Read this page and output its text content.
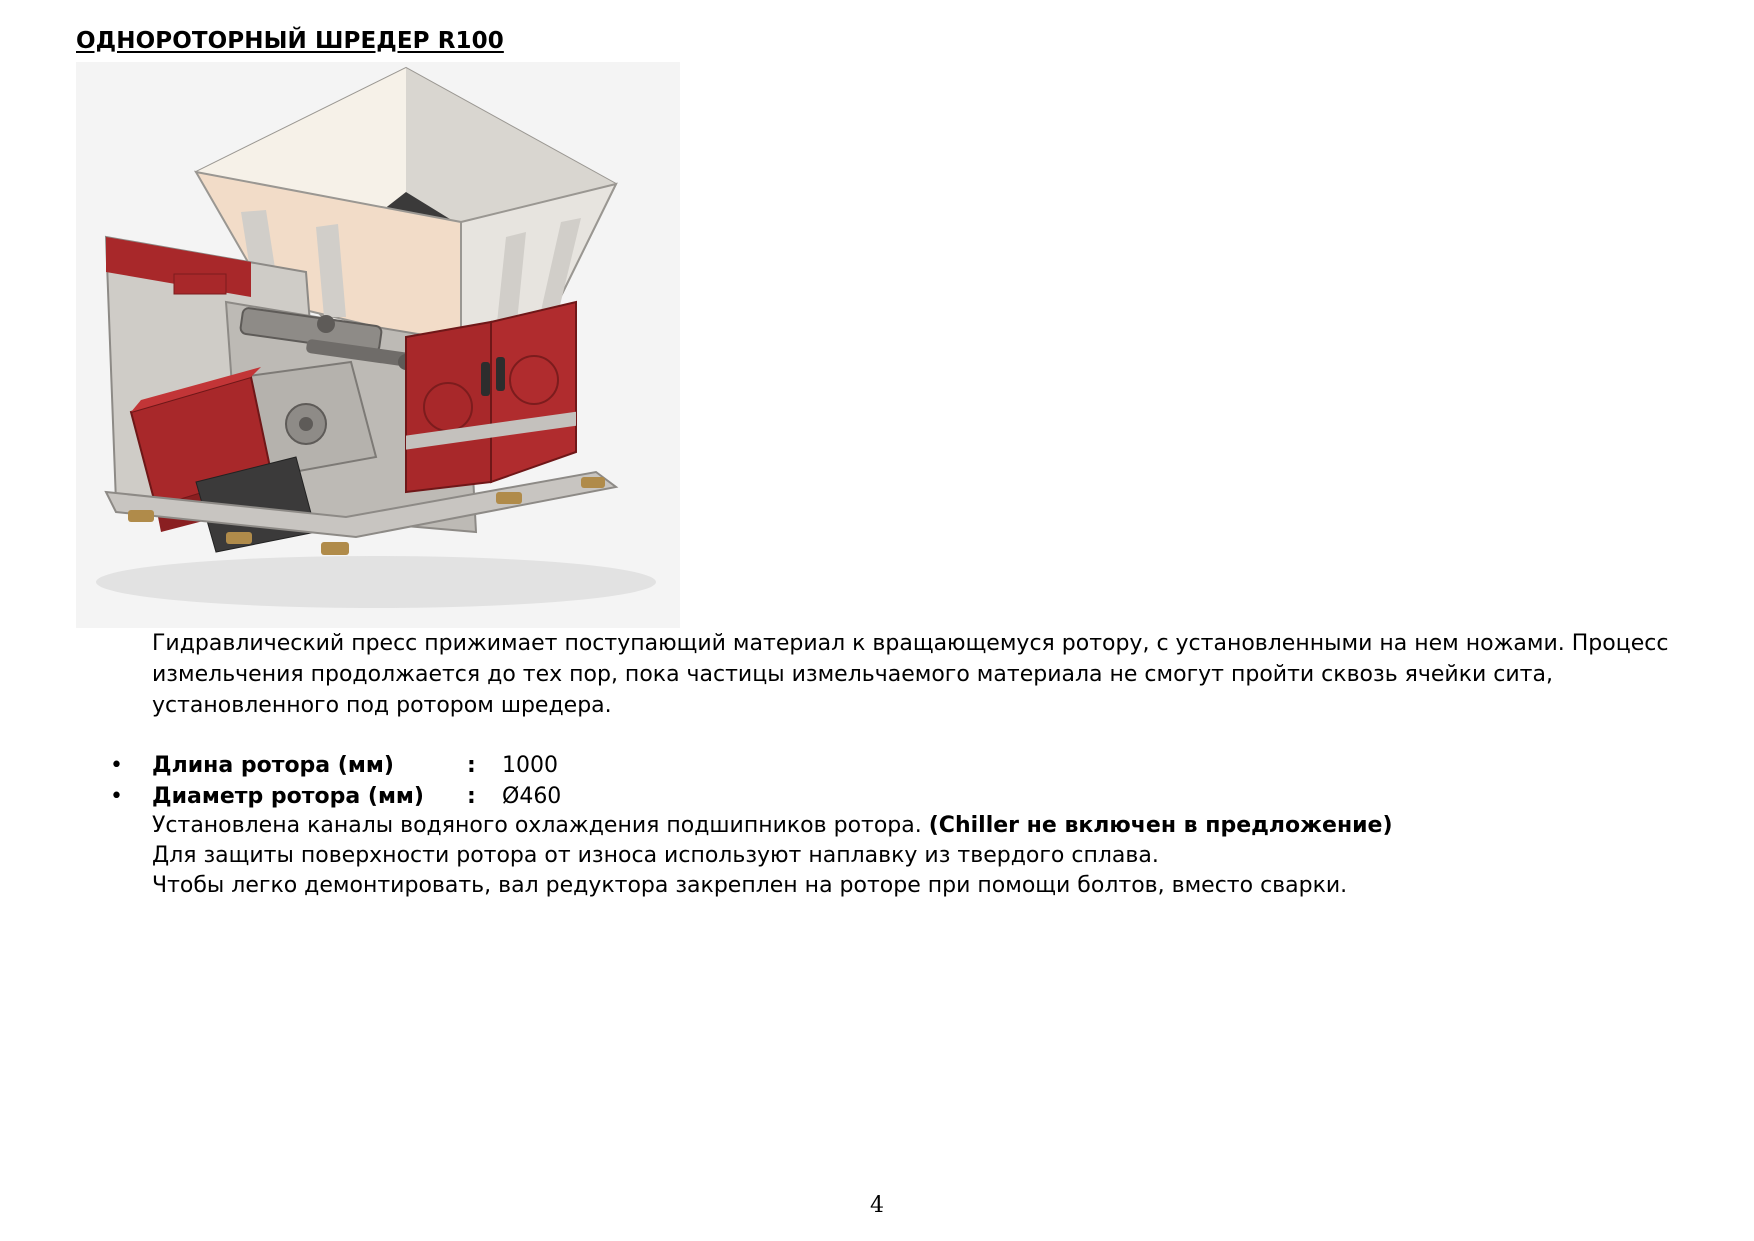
ОДНОРОТОРНЫЙ ШРЕДЕР R100

Гидравлический пресс прижимает поступающий материал к вращающемуся ротору, с установленными на нем ножами. Процесс
измельчения продолжается до тех пор, пока частицы измельчаемого материала не смогут пройти сквозь ячейки сита,
установленного под ротором шредера.

•	Длина ротора (мм)	: 1000
•	Диаметр ротора (мм) : Ø460
Установлена каналы водяного охлаждения подшипников ротора. (Chiller не включен в предложение)
Для защиты поверхности ротора от износа используют наплавку из твердого сплава.
Чтобы легко демонтировать, вал редуктора закреплен на роторе при помощи болтов, вместо сварки.
4
